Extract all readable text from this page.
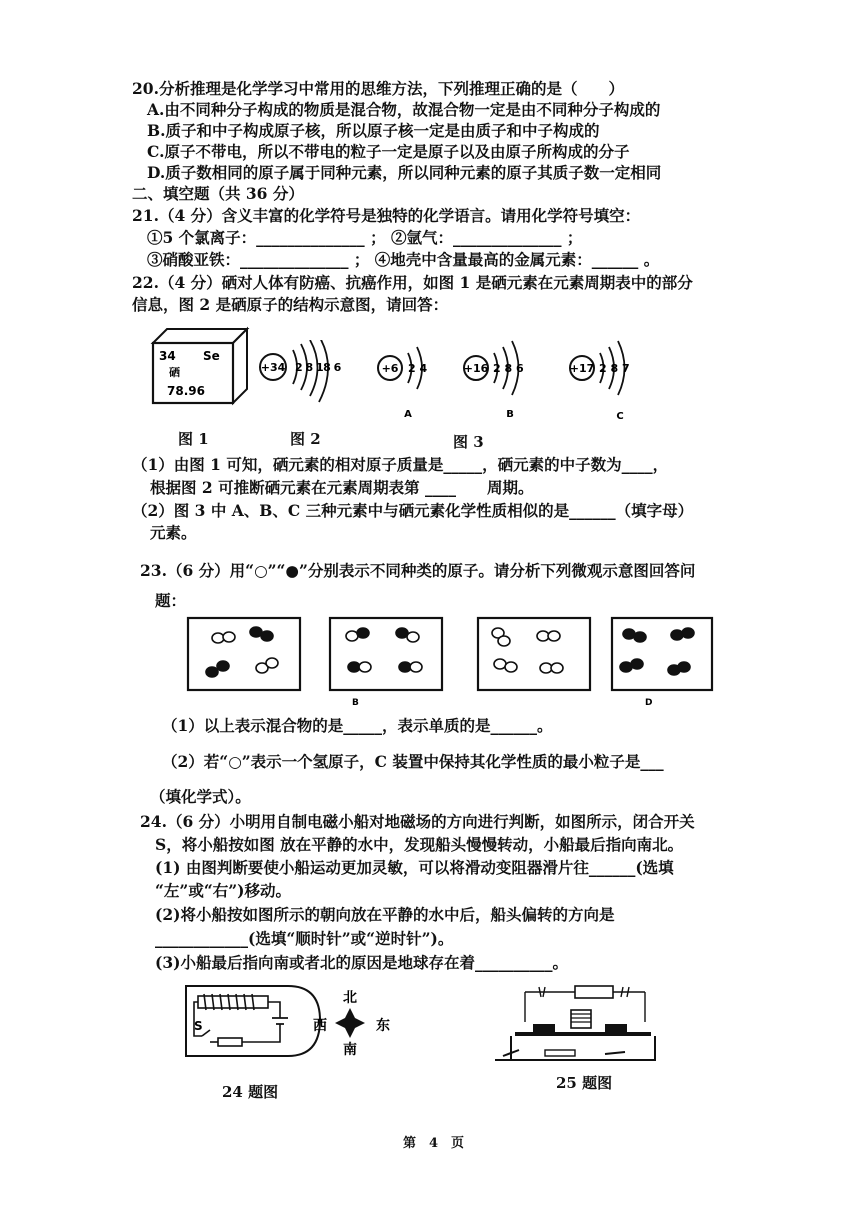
20.分析推理是化学学习中常用的思维方法，下列推理正确的是（　　）
A.由不同种分子构成的物质是混合物，故混合物一定是由不同种分子构成的
B.质子和中子构成原子核，所以原子核一定是由质子和中子构成的
C.原子不带电，所以不带电的粒子一定是原子以及由原子所构成的分子
D.质子数相同的原子属于同种元素，所以同种元素的原子其质子数一定相同
二、填空题（共 36 分）
21.（4 分）含义丰富的化学符号是独特的化学语言。请用化学符号填空：
①5 个氯离子：______________ ； ②氩气：______________ ；
③硝酸亚铁：______________ ； ④地壳中含量最高的金属元素：______ 。
22.（4 分）硒对人体有防癌、抗癌作用，如图 1 是硒元素在元素周期表中的部分
信息，图 2 是硒原子的结构示意图，请回答：
34 Se
硒
78.96
+34 2 8 18 6	+6 2 4
A
+16 2 8 6
B
+17 2 8 7
C
图 1	图 2	图 3
（1）由图 1 可知，硒元素的相对原子质量是_____，硒元素的中子数为____，
根据图 2 可推断硒元素在元素周期表第 ____　　周期。
（2）图 3 中 A、B、C 三种元素中与硒元素化学性质相似的是______（填字母）
元素。
23.（6 分）用“○”“●”分别表示不同种类的原子。请分析下列微观示意图回答问
题：
B	D
（1）以上表示混合物的是_____，表示单质的是______。
（2）若“○”表示一个氢原子，C 装置中保持其化学性质的最小粒子是___
（填化学式）。
24.（6 分）小明用自制电磁小船对地磁场的方向进行判断，如图所示，闭合开关
S，将小船按如图 放在平静的水中，发现船头慢慢转动，小船最后指向南北。
(1) 由图判断要使小船运动更加灵敏，可以将滑动变阻器滑片往______(选填
“左”或“右”)移动。
(2)将小船按如图所示的朝向放在平静的水中后，船头偏转的方向是
____________(选填“顺时针”或“逆时针”)。
(3)小船最后指向南或者北的原因是地球存在着__________。
S
北
西	东
南
24 题图	25 题图
第　4　页
